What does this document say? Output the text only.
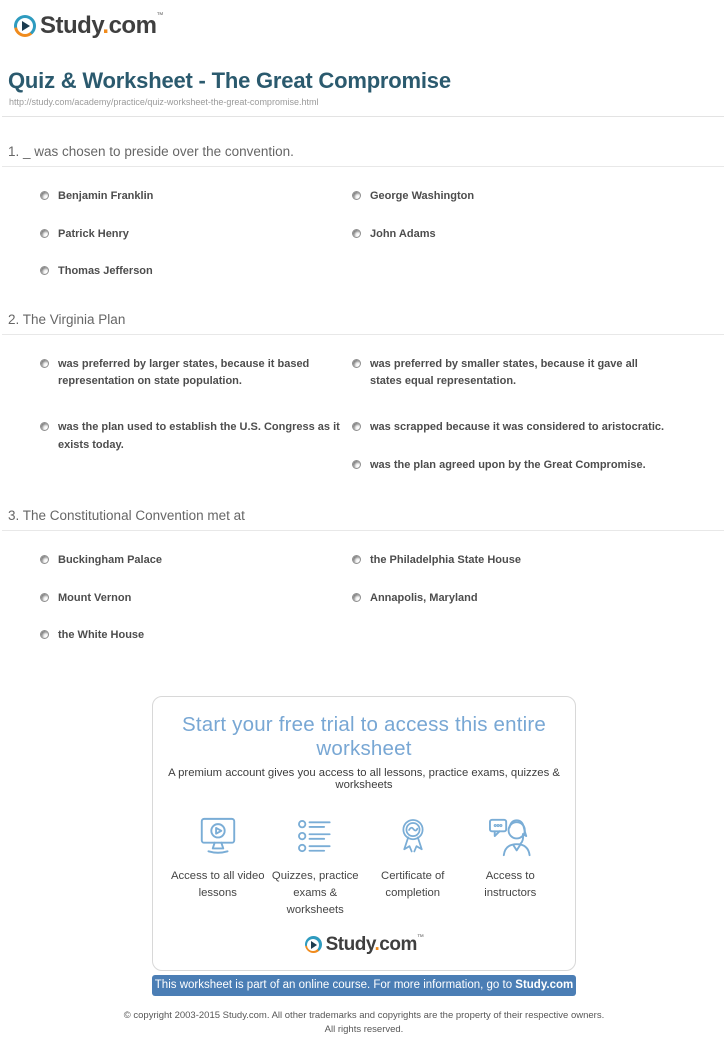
Study.com™
Quiz & Worksheet - The Great Compromise
http://study.com/academy/practice/quiz-worksheet-the-great-compromise.html
1. _ was chosen to preside over the convention.
Benjamin Franklin
Patrick Henry
Thomas Jefferson
George Washington
John Adams
2. The Virginia Plan
was preferred by larger states, because it based representation on state population.
was the plan used to establish the U.S. Congress as it exists today.
was preferred by smaller states, because it gave all states equal representation.
was scrapped because it was considered to aristocratic.
was the plan agreed upon by the Great Compromise.
3. The Constitutional Convention met at
Buckingham Palace
Mount Vernon
the White House
the Philadelphia State House
Annapolis, Maryland
Start your free trial to access this entire worksheet
A premium account gives you access to all lessons, practice exams, quizzes & worksheets
Access to all video lessons
Quizzes, practice exams & worksheets
Certificate of completion
Access to instructors
Study.com™
This worksheet is part of an online course. For more information, go to Study.com
© copyright 2003-2015 Study.com. All other trademarks and copyrights are the property of their respective owners.
All rights reserved.
